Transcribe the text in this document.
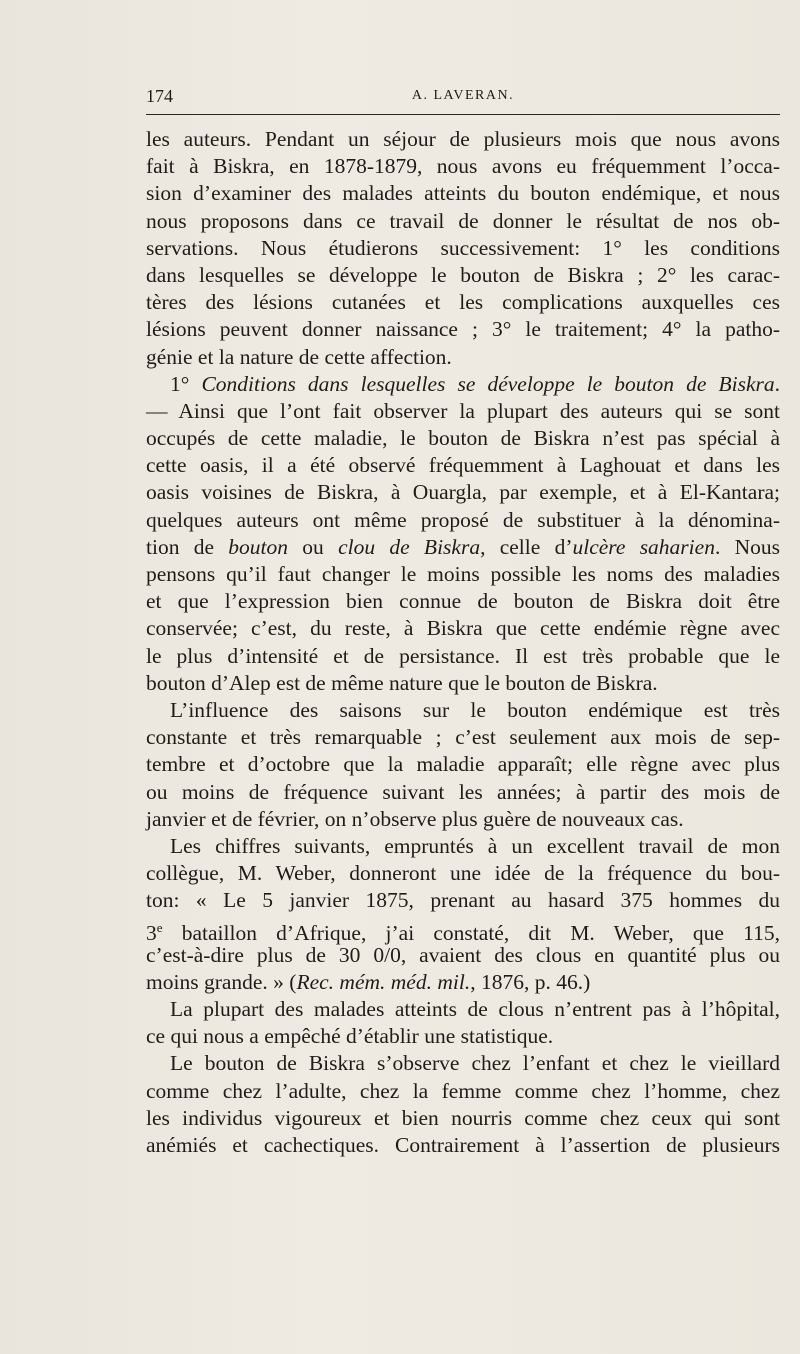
174	A. LAVERAN.
les auteurs. Pendant un séjour de plusieurs mois que nous avons
fait à Biskra, en 1878-1879, nous avons eu fréquemment l’occa-
sion d’examiner des malades atteints du bouton endémique, et nous
nous proposons dans ce travail de donner le résultat de nos ob-
servations. Nous étudierons successivement: 1° les conditions
dans lesquelles se développe le bouton de Biskra ; 2° les carac-
tères des lésions cutanées et les complications auxquelles ces
lésions peuvent donner naissance ; 3° le traitement; 4° la patho-
génie et la nature de cette affection.
1° Conditions dans lesquelles se développe le bouton de Biskra.
— Ainsi que l’ont fait observer la plupart des auteurs qui se sont
occupés de cette maladie, le bouton de Biskra n’est pas spécial à
cette oasis, il a été observé fréquemment à Laghouat et dans les
oasis voisines de Biskra, à Ouargla, par exemple, et à El-Kantara;
quelques auteurs ont même proposé de substituer à la dénomina-
tion de bouton ou clou de Biskra, celle d’ulcère saharien. Nous
pensons qu’il faut changer le moins possible les noms des maladies
et que l’expression bien connue de bouton de Biskra doit être
conservée; c’est, du reste, à Biskra que cette endémie règne avec
le plus d’intensité et de persistance. Il est très probable que le
bouton d’Alep est de même nature que le bouton de Biskra.
L’influence des saisons sur le bouton endémique est très
constante et très remarquable ; c’est seulement aux mois de sep-
tembre et d’octobre que la maladie apparaît; elle règne avec plus
ou moins de fréquence suivant les années; à partir des mois de
janvier et de février, on n’observe plus guère de nouveaux cas.
Les chiffres suivants, empruntés à un excellent travail de mon
collègue, M. Weber, donneront une idée de la fréquence du bou-
ton: « Le 5 janvier 1875, prenant au hasard 375 hommes du
3e bataillon d’Afrique, j’ai constaté, dit M. Weber, que 115,
c’est-à-dire plus de 30 0/0, avaient des clous en quantité plus ou
moins grande. » (Rec. mém. méd. mil., 1876, p. 46.)
La plupart des malades atteints de clous n’entrent pas à l’hôpital,
ce qui nous a empêché d’établir une statistique.
Le bouton de Biskra s’observe chez l’enfant et chez le vieillard
comme chez l’adulte, chez la femme comme chez l’homme, chez
les individus vigoureux et bien nourris comme chez ceux qui sont
anémiés et cachectiques. Contrairement à l’assertion de plusieurs
